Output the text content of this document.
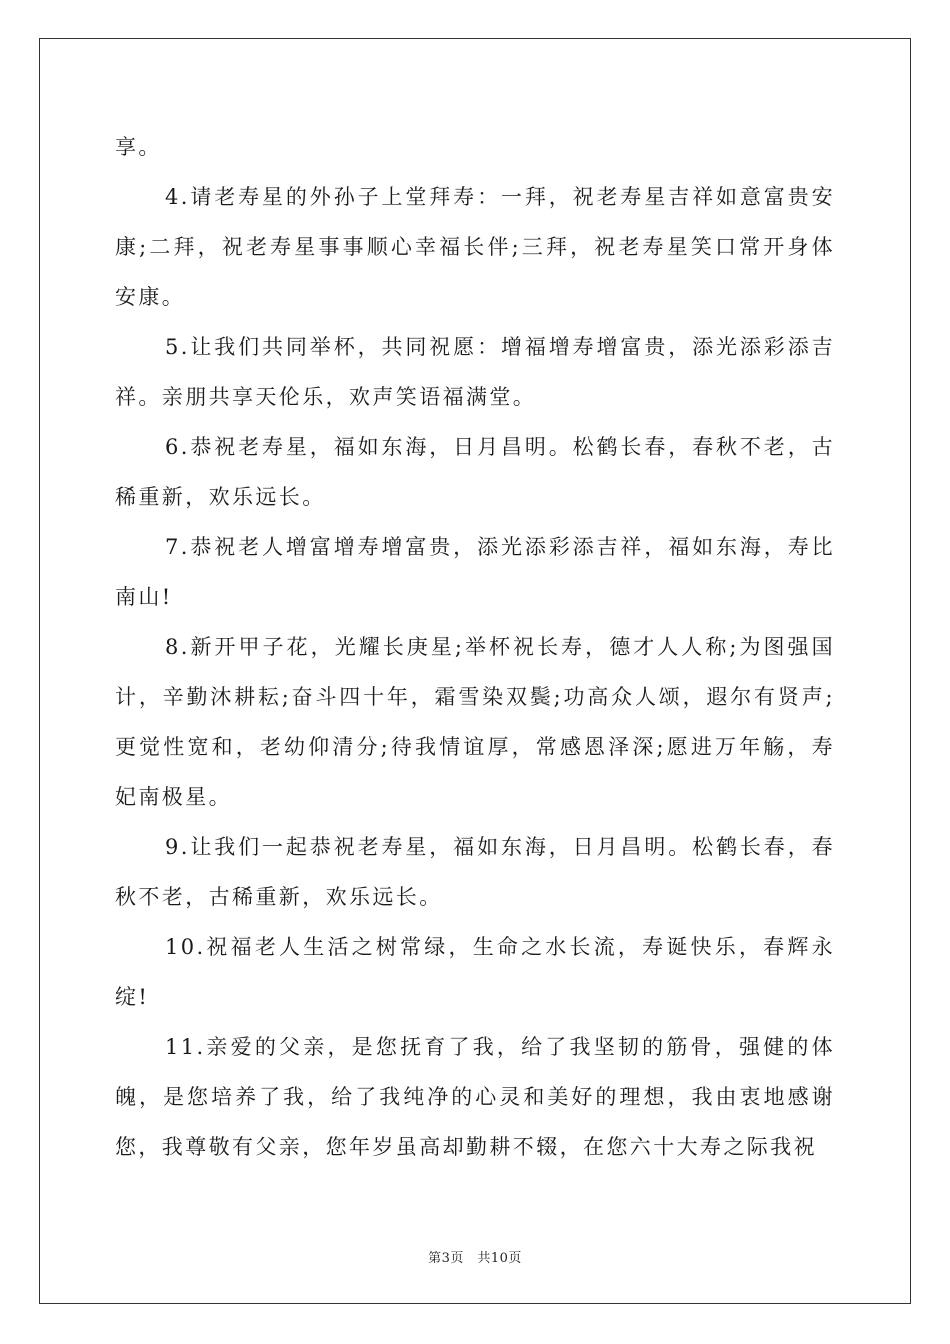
享。

4.请老寿星的外孙子上堂拜寿：一拜，祝老寿星吉祥如意富贵安康;二拜，祝老寿星事事顺心幸福长伴;三拜，祝老寿星笑口常开身体安康。

5.让我们共同举杯，共同祝愿：增福增寿增富贵，添光添彩添吉祥。亲朋共享天伦乐，欢声笑语福满堂。

6.恭祝老寿星，福如东海，日月昌明。松鹤长春，春秋不老，古稀重新，欢乐远长。

7.恭祝老人增富增寿增富贵，添光添彩添吉祥，福如东海，寿比南山!

8.新开甲子花，光耀长庚星;举杯祝长寿，德才人人称;为图强国计，辛勤沐耕耘;奋斗四十年，霜雪染双鬓;功高众人颂，遐尔有贤声;更觉性宽和，老幼仰清分;待我情谊厚，常感恩泽深;愿进万年觞，寿妃南极星。

9.让我们一起恭祝老寿星，福如东海，日月昌明。松鹤长春，春秋不老，古稀重新，欢乐远长。

10.祝福老人生活之树常绿，生命之水长流，寿诞快乐，春辉永绽!

11.亲爱的父亲，是您抚育了我，给了我坚韧的筋骨，强健的体魄，是您培养了我，给了我纯净的心灵和美好的理想，我由衷地感谢您，我尊敬有父亲，您年岁虽高却勤耕不辍，在您六十大寿之际我祝

第3页　共10页
